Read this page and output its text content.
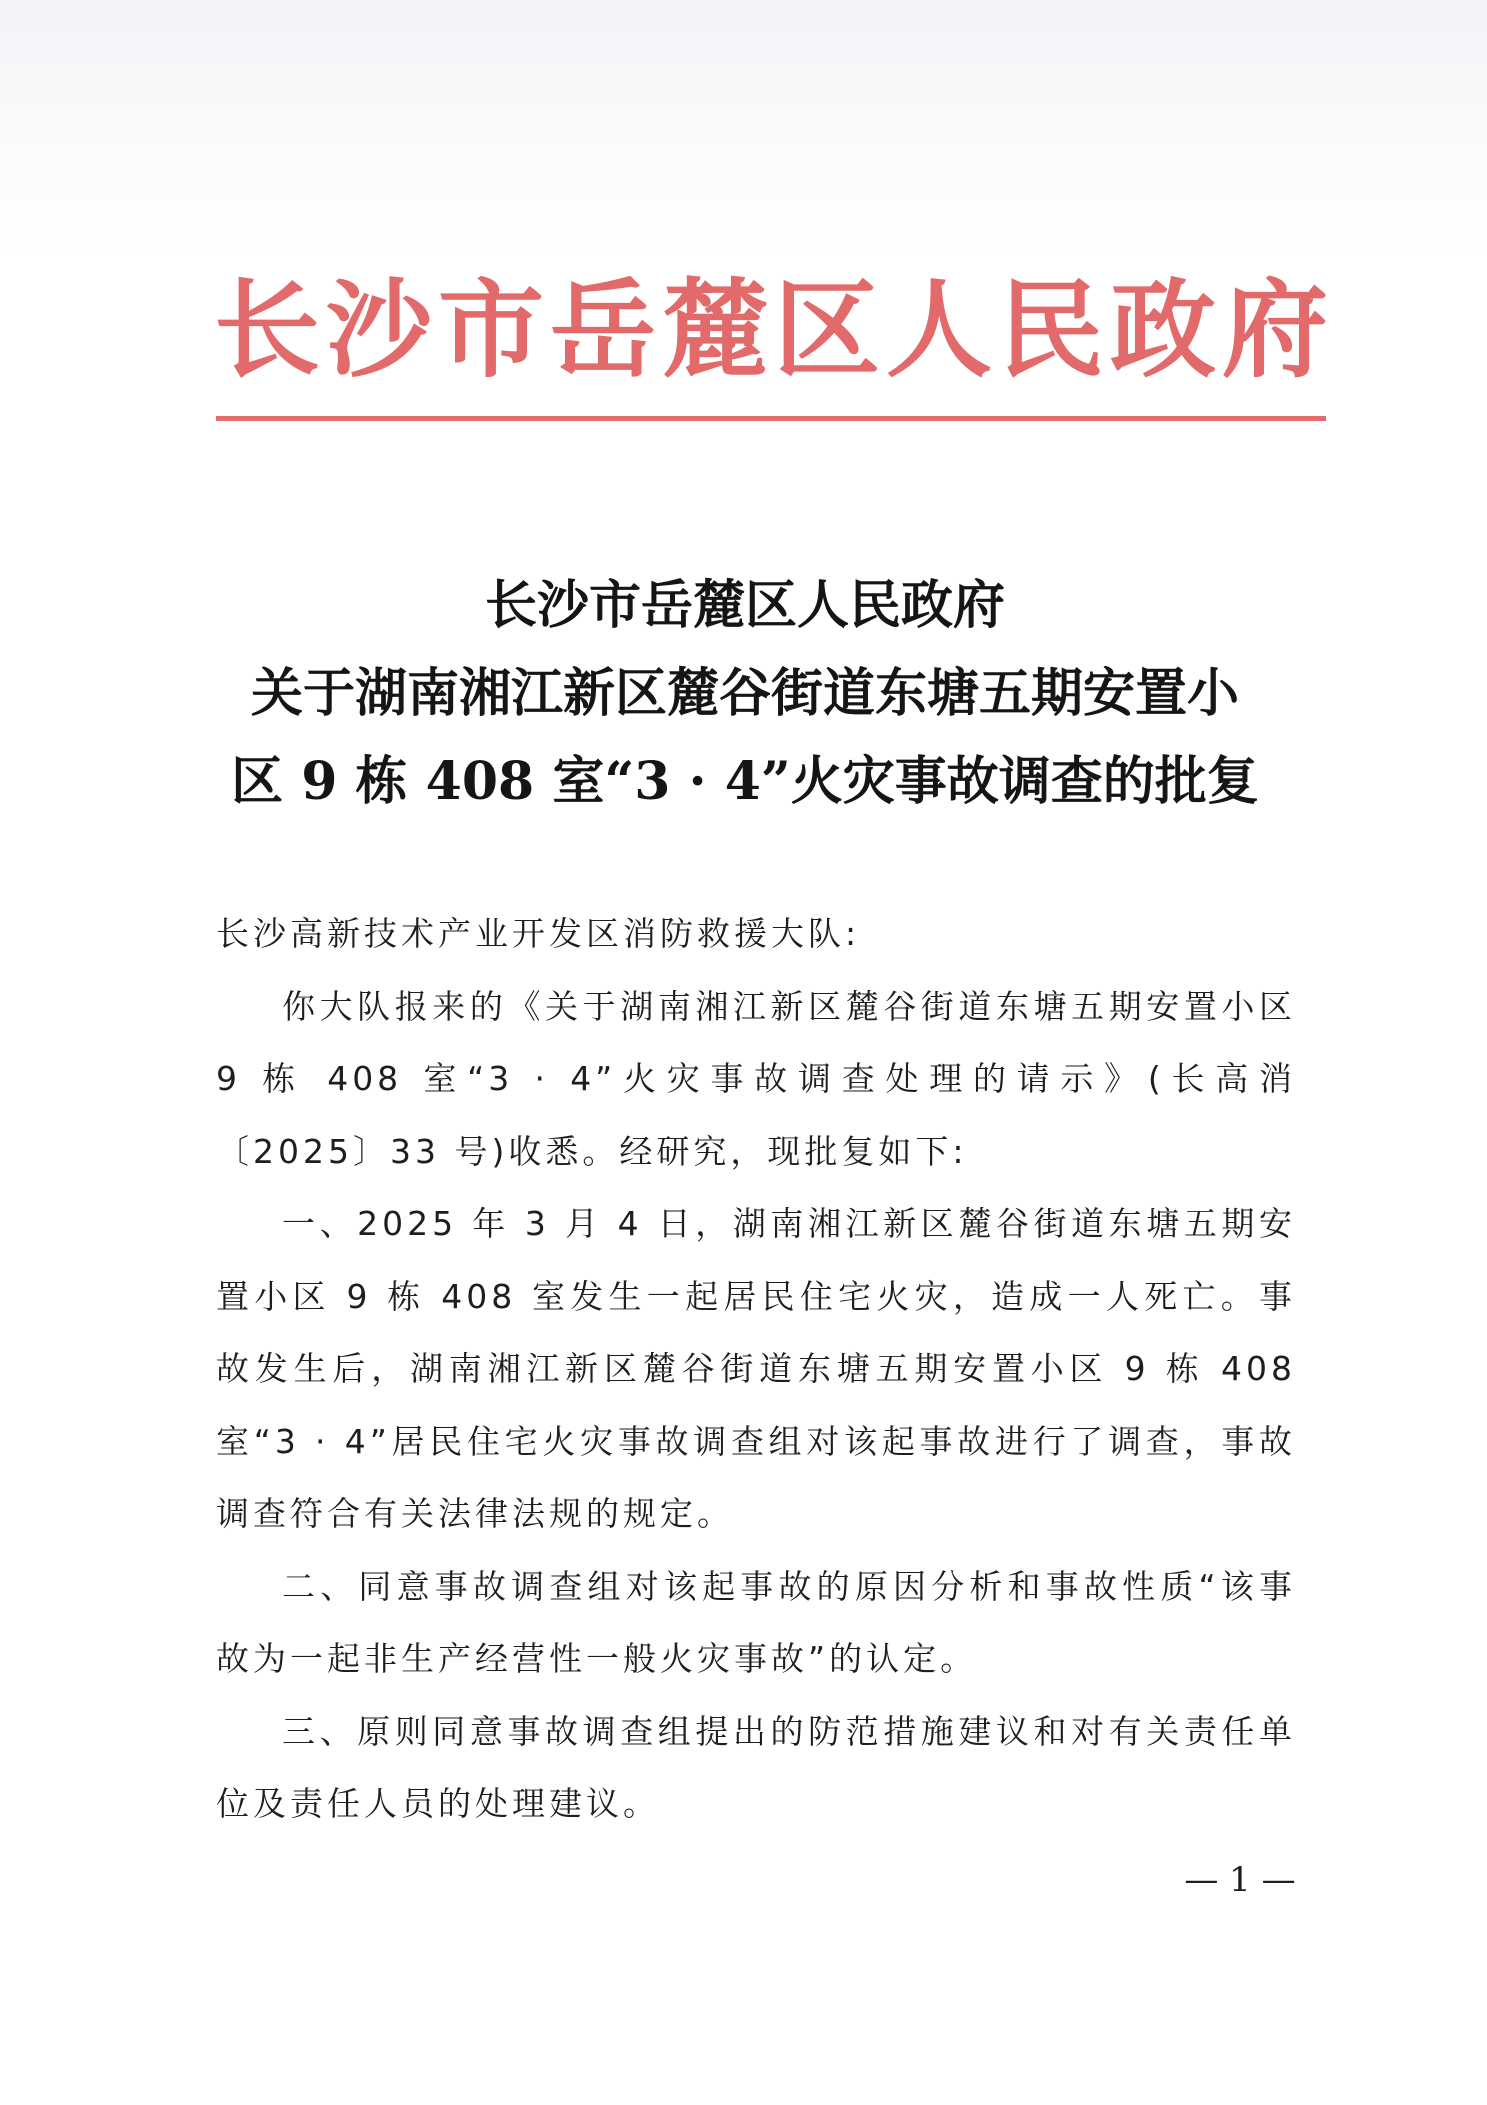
长沙市岳麓区人民政府
长沙市岳麓区人民政府
关于湖南湘江新区麓谷街道东塘五期安置小
区 9 栋 408 室“3 · 4”火灾事故调查的批复

长沙高新技术产业开发区消防救援大队:

你大队报来的《关于湖南湘江新区麓谷街道东塘五期安置小区 9 栋 408 室“3 · 4”火灾事故调查处理的请示》(长高消〔2025〕33 号)收悉。经研究，现批复如下:

一、2025 年 3 月 4 日，湖南湘江新区麓谷街道东塘五期安置小区 9 栋 408 室发生一起居民住宅火灾，造成一人死亡。事故发生后，湖南湘江新区麓谷街道东塘五期安置小区 9 栋 408 室“3 · 4”居民住宅火灾事故调查组对该起事故进行了调查，事故调查符合有关法律法规的规定。

二、同意事故调查组对该起事故的原因分析和事故性质“该事故为一起非生产经营性一般火灾事故”的认定。

三、原则同意事故调查组提出的防范措施建议和对有关责任单位及责任人员的处理建议。

— 1 —
